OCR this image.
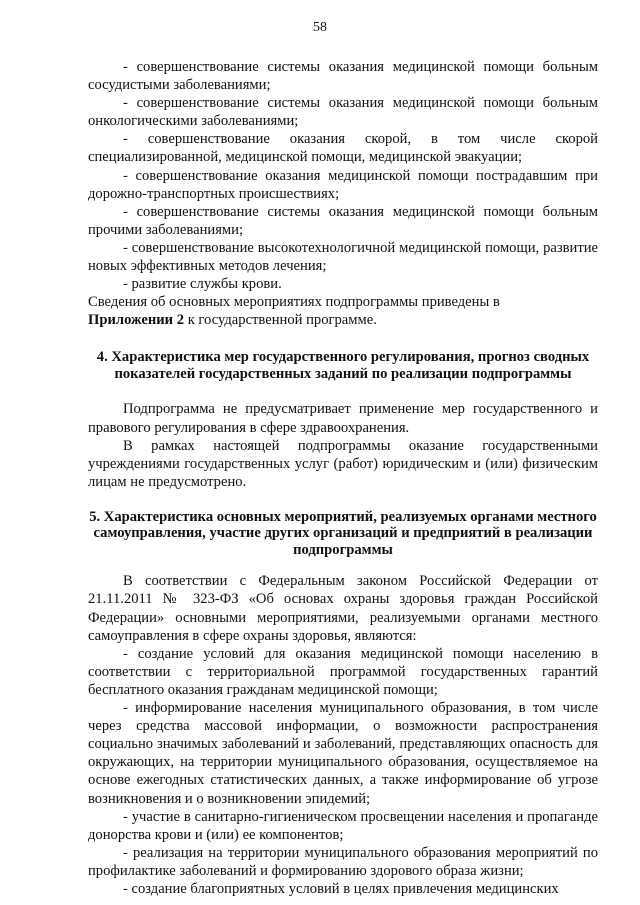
58

- совершенствование системы оказания медицинской помощи больным сосудистыми заболеваниями;

- совершенствование системы оказания медицинской помощи больным онкологическими заболеваниями;

- совершенствование оказания скорой, в том числе скорой специализированной, медицинской помощи, медицинской эвакуации;

- совершенствование оказания медицинской помощи пострадавшим при дорожно-транспортных происшествиях;

- совершенствование системы оказания медицинской помощи больным прочими заболеваниями;

- совершенствование высокотехнологичной медицинской помощи, развитие новых эффективных методов лечения;

- развитие службы крови.

Сведения об основных мероприятиях подпрограммы приведены в
Приложении 2 к государственной программе.

4. Характеристика мер государственного регулирования, прогноз сводных показателей государственных заданий по реализации подпрограммы

Подпрограмма не предусматривает применение мер государственного и правового регулирования в сфере здравоохранения.

В рамках настоящей подпрограммы оказание государственными учреждениями государственных услуг (работ) юридическим и (или) физическим лицам не предусмотрено.

5. Характеристика основных мероприятий, реализуемых органами местного самоуправления, участие других организаций и предприятий в реализации подпрограммы

В соответствии с Федеральным законом Российской Федерации от 21.11.2011 № 323-ФЗ «Об основах охраны здоровья граждан Российской Федерации» основными мероприятиями, реализуемыми органами местного самоуправления в сфере охраны здоровья, являются:

- создание условий для оказания медицинской помощи населению в соответствии с территориальной программой государственных гарантий бесплатного оказания гражданам медицинской помощи;

- информирование населения муниципального образования, в том числе через средства массовой информации, о возможности распространения социально значимых заболеваний и заболеваний, представляющих опасность для окружающих, на территории муниципального образования, осуществляемое на основе ежегодных статистических данных, а также информирование об угрозе возникновения и о возникновении эпидемий;

- участие в санитарно-гигиеническом просвещении населения и пропаганде донорства крови и (или) ее компонентов;

- реализация на территории муниципального образования мероприятий по профилактике заболеваний и формированию здорового образа жизни;

- создание благоприятных условий в целях привлечения медицинских
